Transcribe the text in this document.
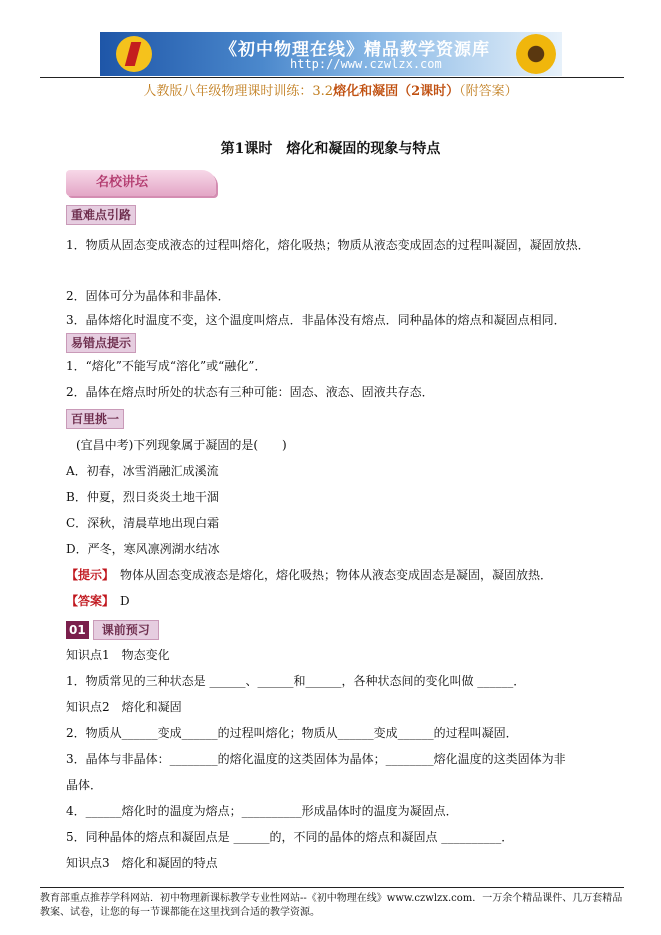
《初中物理在线》精品教学资源库
http://www.czwlzx.com
人教版八年级物理课时训练：3.2熔化和凝固（2课时）（附答案）
第1课时　熔化和凝固的现象与特点
名校讲坛
重难点引路
1．物质从固态变成液态的过程叫熔化，熔化吸热；物质从液态变成固态的过程叫凝固，凝固放热．
2．固体可分为晶体和非晶体．
3．晶体熔化时温度不变，这个温度叫熔点．非晶体没有熔点．同种晶体的熔点和凝固点相同．
易错点提示
1．“熔化”不能写成“溶化”或“融化”．
2．晶体在熔点时所处的状态有三种可能：固态、液态、固液共存态．
百里挑一
(宜昌中考)下列现象属于凝固的是(　　)
A．初春，冰雪消融汇成溪流
B．仲夏，烈日炎炎土地干涸
C．深秋，清晨草地出现白霜
D．严冬，寒风凛冽湖水结冰
【提示】　 物体从固态变成液态是熔化，熔化吸热；物体从液态变成固态是凝固，凝固放热．
【答案】　 D
01 课前预习
知识点1　物态变化
1．物质常见的三种状态是 ______、______和______，各种状态间的变化叫做 ______．
知识点2　熔化和凝固
2．物质从______变成______的过程叫熔化；物质从______变成______的过程叫凝固．
3．晶体与非晶体：________的熔化温度的这类固体为晶体；________熔化温度的这类固体为非
晶体．
4．______熔化时的温度为熔点；__________形成晶体时的温度为凝固点．
5．同种晶体的熔点和凝固点是 ______的，不同的晶体的熔点和凝固点 __________．
知识点3　熔化和凝固的特点
教育部重点推荐学科网站．初中物理新课标教学专业性网站--《初中物理在线》www.czwlzx.com．一万余个精品课件、几万套精品教案、试卷，让您的每一节课都能在这里找到合适的教学资源。
